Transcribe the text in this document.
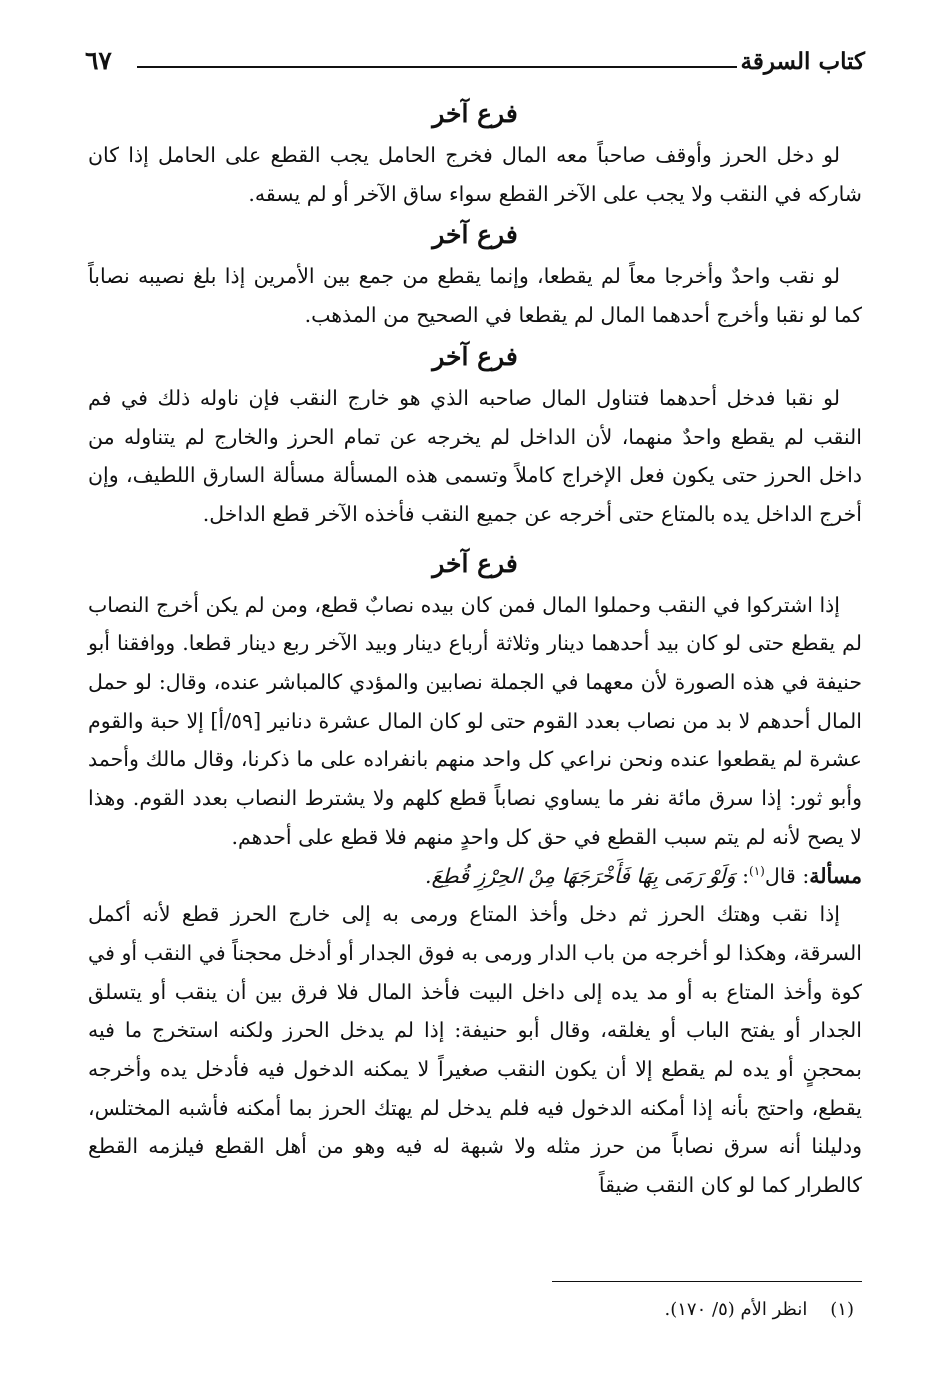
٦٧	كتاب السرقة
فرع آخر

لو دخل الحرز وأوقف صاحباً معه المال فخرج الحامل يجب القطع على الحامل إذا كان شاركه في النقب ولا يجب على الآخر القطع سواء ساق الآخر أو لم يسقه.

فرع آخر

لو نقب واحدٌ وأخرجا معاً لم يقطعا، وإنما يقطع من جمع بين الأمرين إذا بلغ نصيبه نصاباً كما لو نقبا وأخرج أحدهما المال لم يقطعا في الصحيح من المذهب.

فرع آخر

لو نقبا فدخل أحدهما فتناول المال صاحبه الذي هو خارج النقب فإن ناوله ذلك في فم النقب لم يقطع واحدٌ منهما، لأن الداخل لم يخرجه عن تمام الحرز والخارج لم يتناوله من داخل الحرز حتى يكون فعل الإخراج كاملاً وتسمى هذه المسألة مسألة السارق اللطيف، وإن أخرج الداخل يده بالمتاع حتى أخرجه عن جميع النقب فأخذه الآخر قطع الداخل.

فرع آخر

إذا اشتركوا في النقب وحملوا المال فمن كان بيده نصابٌ قطع، ومن لم يكن أخرج النصاب لم يقطع حتى لو كان بيد أحدهما دينار وثلاثة أرباع دينار وبيد الآخر ربع دينار قطعا. ووافقنا أبو حنيفة في هذه الصورة لأن معهما في الجملة نصابين والمؤدي كالمباشر عنده، وقال: لو حمل المال أحدهم لا بد من نصاب بعدد القوم حتى لو كان المال عشرة دنانير [٥٩/أ] إلا حبة والقوم عشرة لم يقطعوا عنده ونحن نراعي كل واحد منهم بانفراده على ما ذكرنا، وقال مالك وأحمد وأبو ثور: إذا سرق مائة نفر ما يساوي نصاباً قطع كلهم ولا يشترط النصاب بعدد القوم. وهذا لا يصح لأنه لم يتم سبب القطع في حق كل واحدٍ منهم فلا قطع على أحدهم.

مسألة: قال$^{(١)}$: وَلَوْ رَمَى بِهَا فَأَخْرَجَهَا مِنْ الحِرْزِ قُطِعَ.

إذا نقب وهتك الحرز ثم دخل وأخذ المتاع ورمى به إلى خارج الحرز قطع لأنه أكمل السرقة، وهكذا لو أخرجه من باب الدار ورمى به فوق الجدار أو أدخل محجناً في النقب أو في كوة وأخذ المتاع به أو مد يده إلى داخل البيت فأخذ المال فلا فرق بين أن ينقب أو يتسلق الجدار أو يفتح الباب أو يغلقه، وقال أبو حنيفة: إذا لم يدخل الحرز ولكنه استخرج ما فيه بمحجنٍ أو يده لم يقطع إلا أن يكون النقب صغيراً لا يمكنه الدخول فيه فأدخل يده وأخرجه يقطع، واحتج بأنه إذا أمكنه الدخول فيه فلم يدخل لم يهتك الحرز بما أمكنه فأشبه المختلس، ودليلنا أنه سرق نصاباً من حرز مثله ولا شبهة له فيه وهو من أهل القطع فيلزمه القطع كالطرار كما لو كان النقب ضيقاً

(١)    انظر الأم (٥/ ١٧٠).
